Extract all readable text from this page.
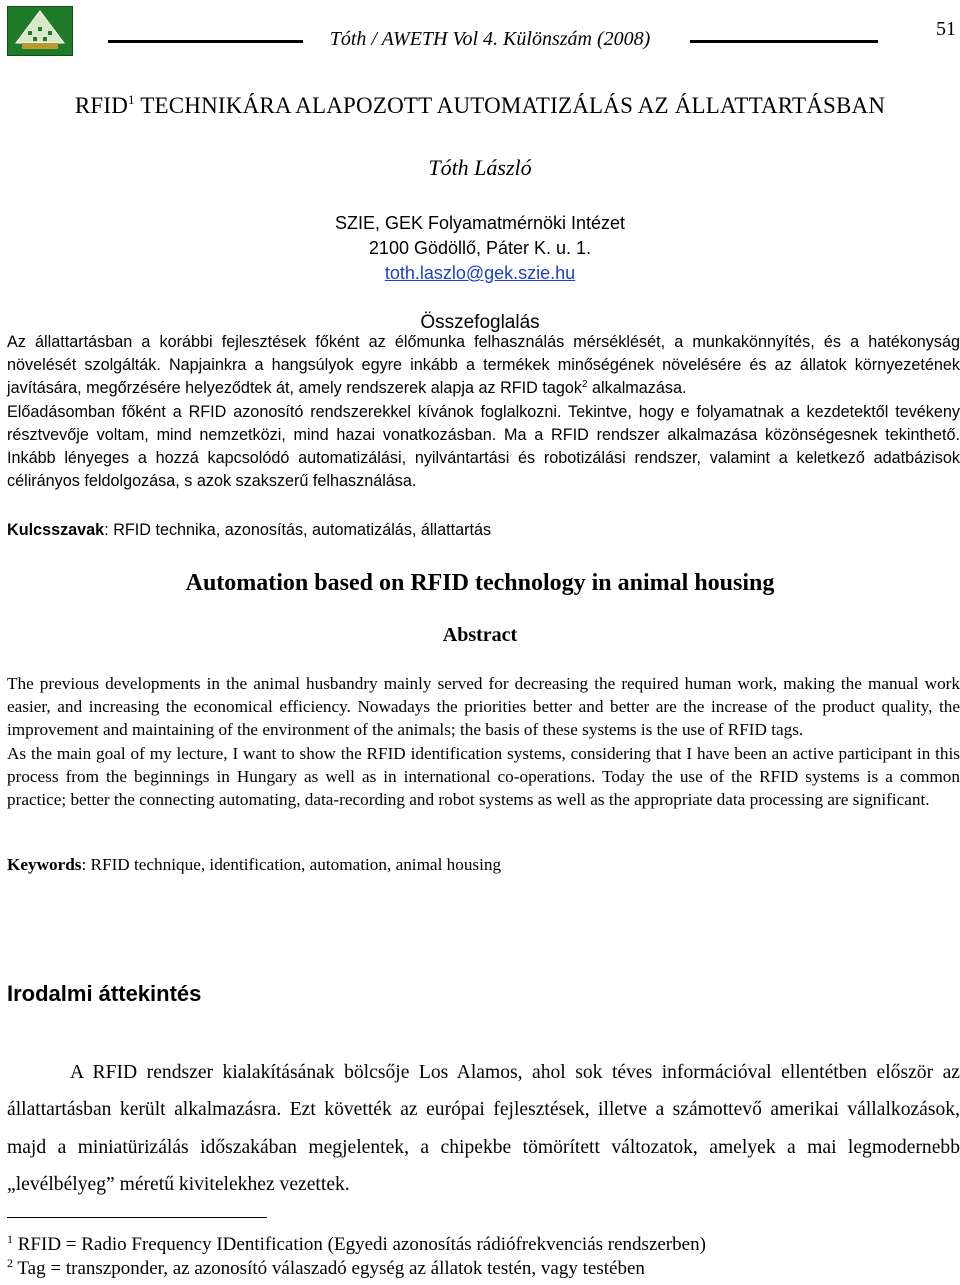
Tóth / AWETH Vol 4. Különszám (2008)	51
RFID$^1$ TECHNIKÁRA ALAPOZOTT AUTOMATIZÁLÁS AZ ÁLLATTARTÁSBAN
Tóth László
SZIE, GEK Folyamatmérnöki Intézet
2100 Gödöllő, Páter K. u. 1.
toth.laszlo@gek.szie.hu
Összefoglalás

Az állattartásban a korábbi fejlesztések főként az élőmunka felhasználás mérséklését, a munkakönnyítés, és a hatékonyság növelését szolgálták. Napjainkra a hangsúlyok egyre inkább a termékek minőségének növelésére és az állatok környezetének javítására, megőrzésére helyeződtek át, amely rendszerek alapja az RFID tagok$^2$ alkalmazása.

Előadásomban főként a RFID azonosító rendszerekkel kívánok foglalkozni. Tekintve, hogy e folyamatnak a kezdetektől tevékeny résztvevője voltam, mind nemzetközi, mind hazai vonatkozásban. Ma a RFID rendszer alkalmazása közönségesnek tekinthető. Inkább lényeges a hozzá kapcsolódó automatizálási, nyilvántartási és robotizálási rendszer, valamint a keletkező adatbázisok célirányos feldolgozása, s azok szakszerű felhasználása.

Kulcsszavak: RFID technika, azonosítás, automatizálás, állattartás
Automation based on RFID technology in animal housing
Abstract

The previous developments in the animal husbandry mainly served for decreasing the required human work, making the manual work easier, and increasing the economical efficiency. Nowadays the priorities better and better are the increase of the product quality, the improvement and maintaining of the environment of the animals; the basis of these systems is the use of RFID tags.

As the main goal of my lecture, I want to show the RFID identification systems, considering that I have been an active participant in this process from the beginnings in Hungary as well as in international co-operations. Today the use of the RFID systems is a common practice; better the connecting automating, data-recording and robot systems as well as the appropriate data processing are significant.

Keywords: RFID technique, identification, automation, animal housing
Irodalmi áttekintés

A RFID rendszer kialakításának bölcsője Los Alamos, ahol sok téves információval ellentétben először az állattartásban került alkalmazásra. Ezt követték az európai fejlesztések, illetve a számottevő amerikai vállalkozások, majd a miniatürizálás időszakában megjelentek, a chipekbe tömörített változatok, amelyek a mai legmodernebb „levélbélyeg” méretű kivitelekhez vezettek.

$^1$ RFID = Radio Frequency IDentification (Egyedi azonosítás rádiófrekvenciás rendszerben)
$^2$ Tag = transzponder, az azonosító válaszadó egység az állatok testén, vagy testében
